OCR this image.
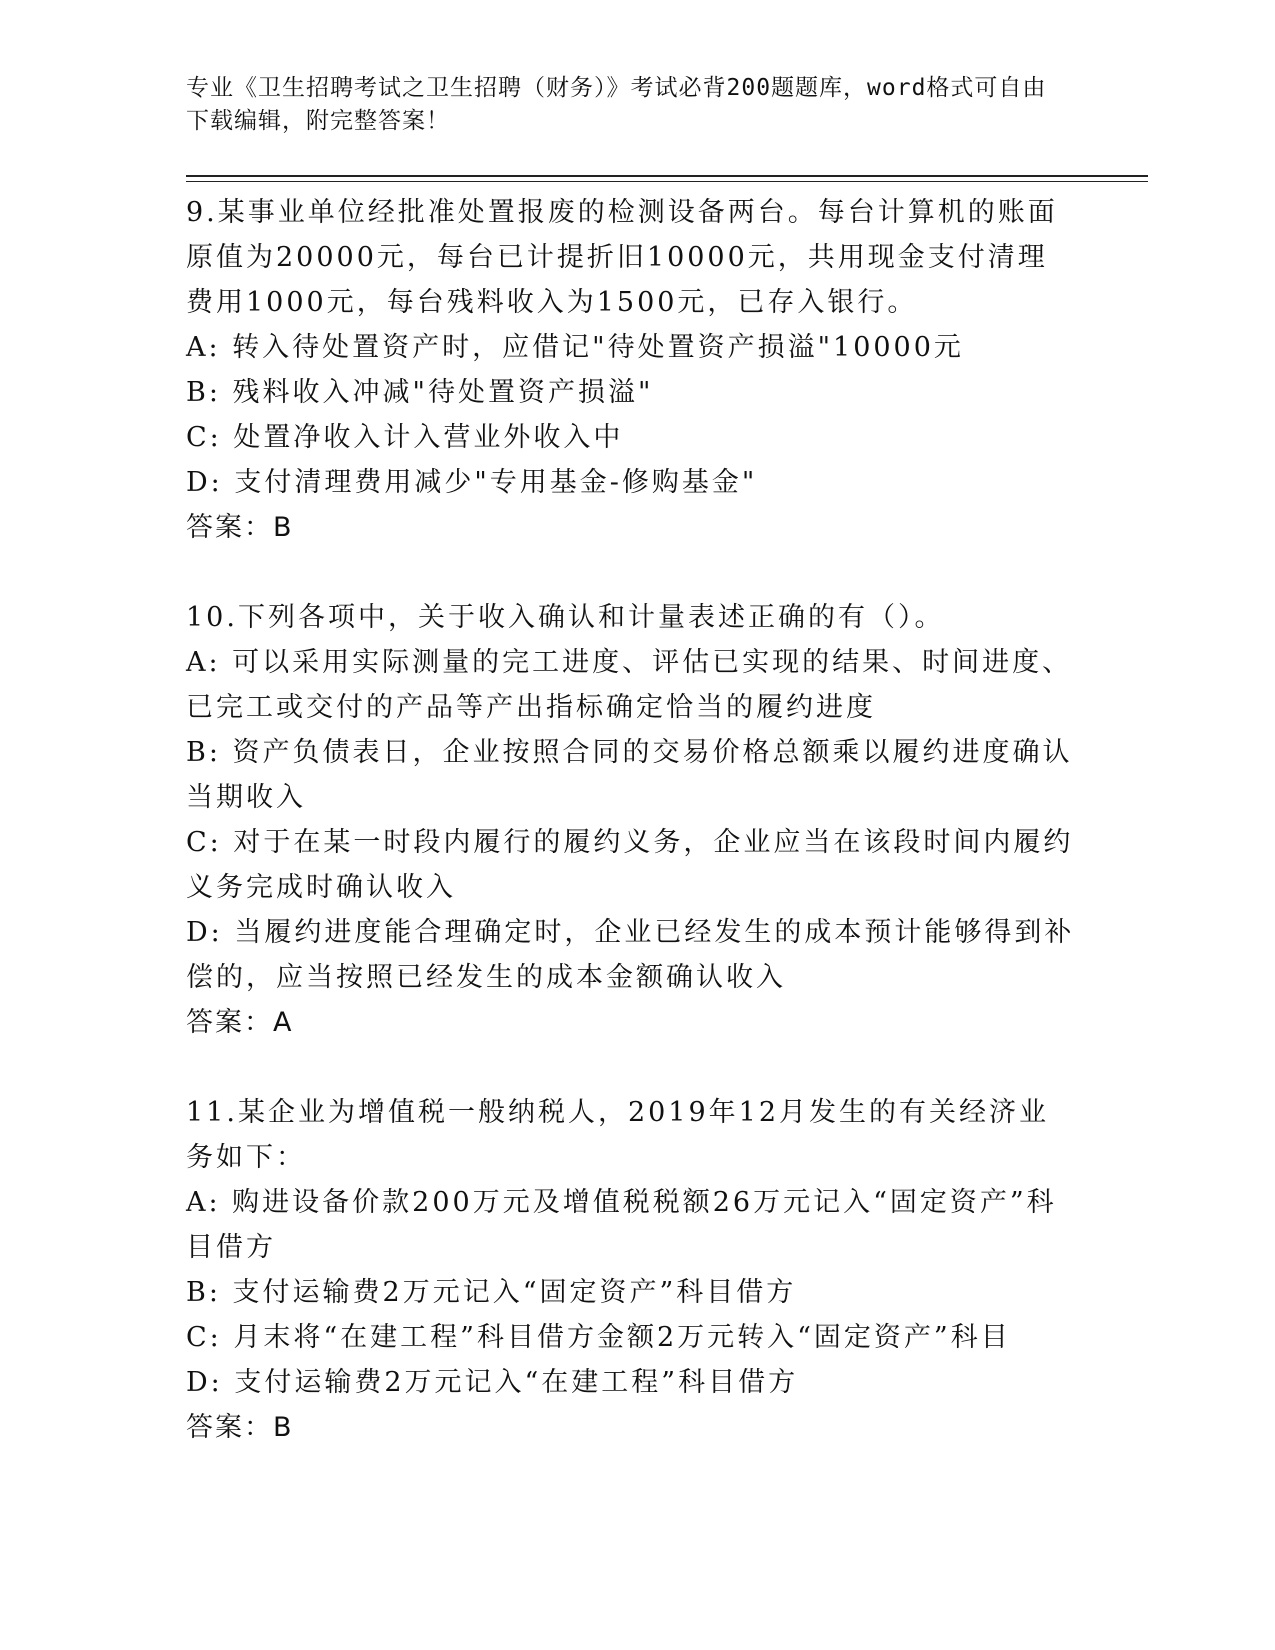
专业《卫生招聘考试之卫生招聘（财务）》考试必背200题题库，word格式可自由下载编辑，附完整答案！

9.某事业单位经批准处置报废的检测设备两台。每台计算机的账面原值为20000元，每台已计提折旧10000元，共用现金支付清理费用1000元，每台残料收入为1500元，已存入银行。

A: 转入待处置资产时，应借记"待处置资产损溢"10000元

B: 残料收入冲减"待处置资产损溢"

C: 处置净收入计入营业外收入中

D: 支付清理费用减少"专用基金-修购基金"

答案：B

10.下列各项中，关于收入确认和计量表述正确的有（）。

A: 可以采用实际测量的完工进度、评估已实现的结果、时间进度、已完工或交付的产品等产出指标确定恰当的履约进度

B: 资产负债表日，企业按照合同的交易价格总额乘以履约进度确认当期收入

C: 对于在某一时段内履行的履约义务，企业应当在该段时间内履约义务完成时确认收入

D: 当履约进度能合理确定时，企业已经发生的成本预计能够得到补偿的，应当按照已经发生的成本金额确认收入

答案：A

11.某企业为增值税一般纳税人，2019年12月发生的有关经济业务如下：

A: 购进设备价款200万元及增值税税额26万元记入“固定资产”科目借方

B: 支付运输费2万元记入“固定资产”科目借方

C: 月末将“在建工程”科目借方金额2万元转入“固定资产”科目

D: 支付运输费2万元记入“在建工程”科目借方

答案：B
